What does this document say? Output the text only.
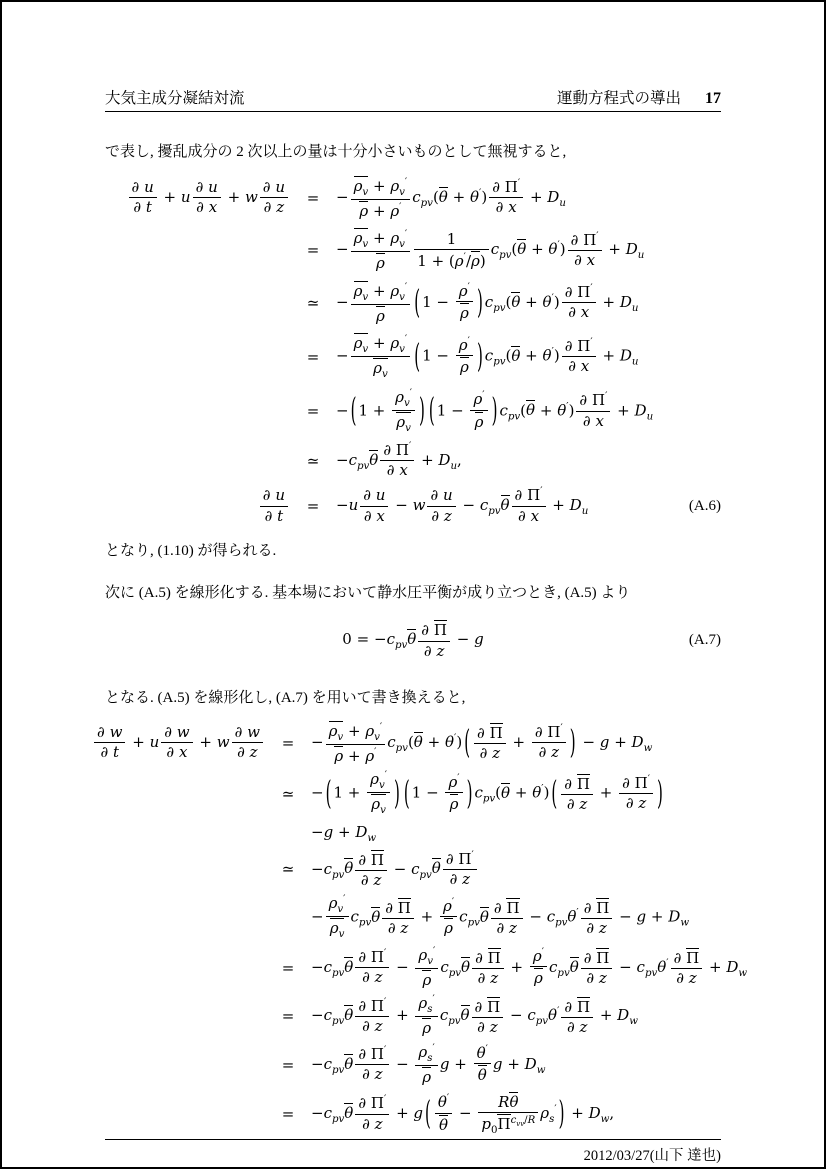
大気主成分凝結対流	運動方程式の導出 17

で表し, 擾乱成分の 2 次以上の量は十分小さいものとして無視すると,

$\frac{\partial u}{\partial t} + u \frac{\partial u}{\partial x} + w \frac{\partial u}{\partial z}$	=	− $\frac{\rho_v + \rho_v'}{\rho + \rho'} c_{pv}(\theta + \theta') \frac{\partial \Pi'}{\partial x} + D_u$
=	− $\frac{\rho_v + \rho_v'}{\rho} \frac{1}{1 + (\rho'/\rho)} c_{pv}(\theta + \theta') \frac{\partial \Pi'}{\partial x} + D_u$
≃	− $\frac{\rho_v + \rho_v'}{\rho}$ ( $1 - \frac{\rho'}{\rho}$ ) $c_{pv}(\theta + \theta') \frac{\partial \Pi'}{\partial x} + D_u$
=	− $\frac{\rho_v + \rho_v'}{\rho_v}$ ( $1 - \frac{\rho'}{\rho}$ ) $c_{pv}(\theta + \theta') \frac{\partial \Pi'}{\partial x} + D_u$
=	− ( $1 + \frac{\rho_v'}{\rho_v}$ ) ( $1 - \frac{\rho'}{\rho}$ ) $c_{pv}(\theta + \theta') \frac{\partial \Pi'}{\partial x} + D_u$
≃	$-c_{pv}\theta \frac{\partial \Pi'}{\partial x} + D_u$,
$\frac{\partial u}{\partial t}$	=	$-u \frac{\partial u}{\partial x} - w \frac{\partial u}{\partial z} - c_{pv}\theta \frac{\partial \Pi'}{\partial x} + D_u$	(A.6)

となり, (1.10) が得られる.

次に (A.5) を線形化する. 基本場において静水圧平衡が成り立つとき, (A.5) より

$0 = -c_{pv}\theta \frac{\partial \Pi}{\partial z} - g$	(A.7)

となる. (A.5) を線形化し, (A.7) を用いて書き換えると,

$\frac{\partial w}{\partial t} + u \frac{\partial w}{\partial x} + w \frac{\partial w}{\partial z}$	=	− $\frac{\rho_v + \rho_v'}{\rho + \rho'} c_{pv}(\theta + \theta')$ ( $\frac{\partial \Pi}{\partial z} + \frac{\partial \Pi'}{\partial z}$ ) − $g + D_w$
≃	− ( $1 + \frac{\rho_v'}{\rho_v}$ ) ( $1 - \frac{\rho'}{\rho}$ ) $c_{pv}(\theta + \theta')$ ( $\frac{\partial \Pi}{\partial z} + \frac{\partial \Pi'}{\partial z}$ )
$-g + D_w$
≃	$-c_{pv}\theta \frac{\partial \Pi}{\partial z} - c_{pv}\theta \frac{\partial \Pi'}{\partial z}$
− $\frac{\rho_v'}{\rho_v} c_{pv}\theta \frac{\partial \Pi}{\partial z} + \frac{\rho'}{\rho} c_{pv}\theta \frac{\partial \Pi}{\partial z} - c_{pv}\theta' \frac{\partial \Pi}{\partial z} - g + D_w$
=	$-c_{pv}\theta \frac{\partial \Pi'}{\partial z} - \frac{\rho_v'}{\rho} c_{pv}\theta \frac{\partial \Pi}{\partial z} + \frac{\rho'}{\rho} c_{pv}\theta \frac{\partial \Pi}{\partial z} - c_{pv}\theta' \frac{\partial \Pi}{\partial z} + D_w$
=	$-c_{pv}\theta \frac{\partial \Pi'}{\partial z} + \frac{\rho_s'}{\rho} c_{pv}\theta \frac{\partial \Pi}{\partial z} - c_{pv}\theta' \frac{\partial \Pi}{\partial z} + D_w$
=	$-c_{pv}\theta \frac{\partial \Pi'}{\partial z} - \frac{\rho_s'}{\rho}$ $g + \frac{\theta'}{\theta}$ $g + D_w$
=	$-c_{pv}\theta \frac{\partial \Pi'}{\partial z} + g$ ( $\frac{\theta'}{\theta} - \frac{R\theta}{p_0\Pi^{c_{vv}/R}} \rho_s'$ ) + $D_w$,
2012/03/27(山下 達也)
